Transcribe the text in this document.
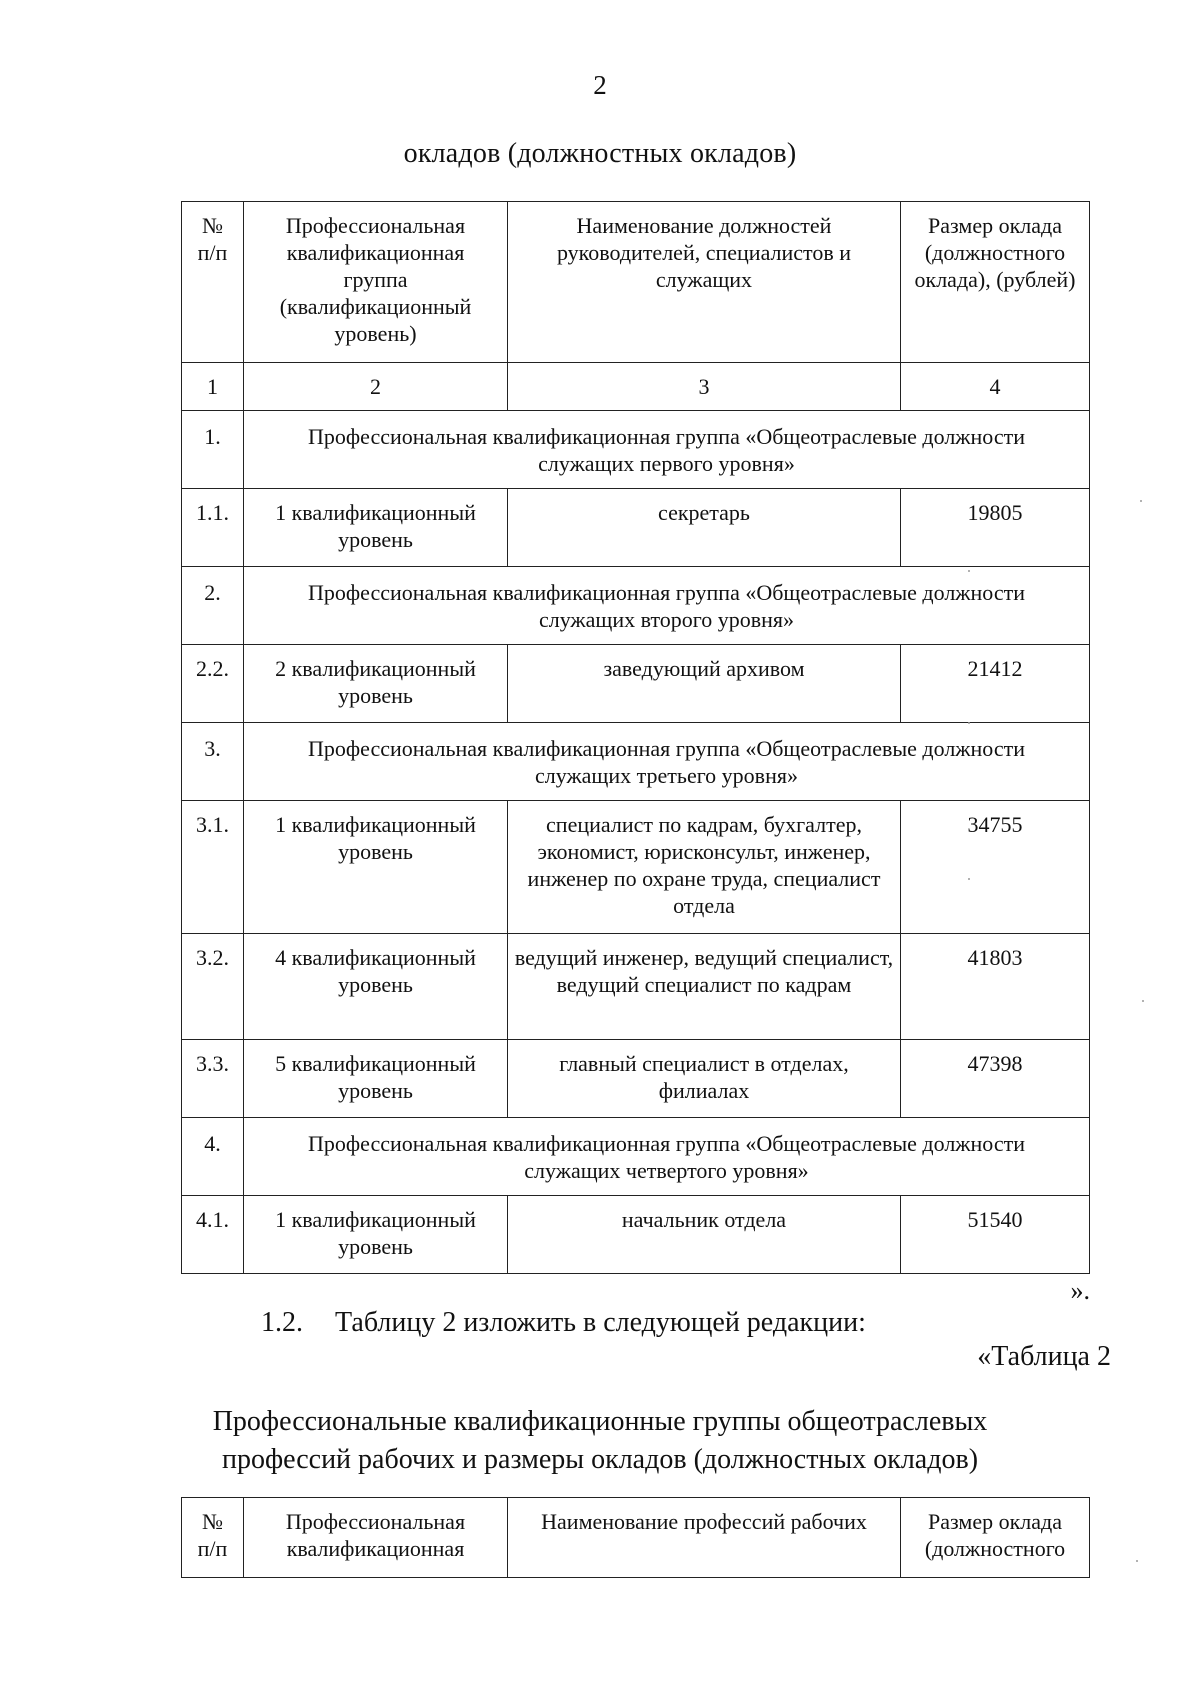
2
окладов (должностных окладов)
№ п/п	Профессиональная квалификационная группа (квалификационный уровень)	Наименование должностей руководителей, специалистов и служащих	Размер оклада (должностного оклада), (рублей)
1	2	3	4
1.	Профессиональная квалификационная группа «Общеотраслевые должности служащих первого уровня»		
1.1.	1 квалификационный уровень	секретарь	19805
2.	Профессиональная квалификационная группа «Общеотраслевые должности служащих второго уровня»		
2.2.	2 квалификационный уровень	заведующий архивом	21412
3.	Профессиональная квалификационная группа «Общеотраслевые должности служащих третьего уровня»		
3.1.	1 квалификационный уровень	специалист по кадрам, бухгалтер, экономист, юрисконсульт, инженер, инженер по охране труда, специалист отдела	34755
3.2.	4 квалификационный уровень	ведущий инженер, ведущий специалист, ведущий специалист по кадрам	41803
3.3.	5 квалификационный уровень	главный специалист в отделах, филиалах	47398
4.	Профессиональная квалификационная группа «Общеотраслевые должности служащих четвертого уровня»		
4.1.	1 квалификационный уровень	начальник отдела	51540
».
1.2. Таблицу 2 изложить в следующей редакции:
«Таблица 2
Профессиональные квалификационные группы общеотраслевых
профессий рабочих и размеры окладов (должностных окладов)
№ п/п	Профессиональная квалификационная	Наименование профессий рабочих	Размер оклада (должностного
